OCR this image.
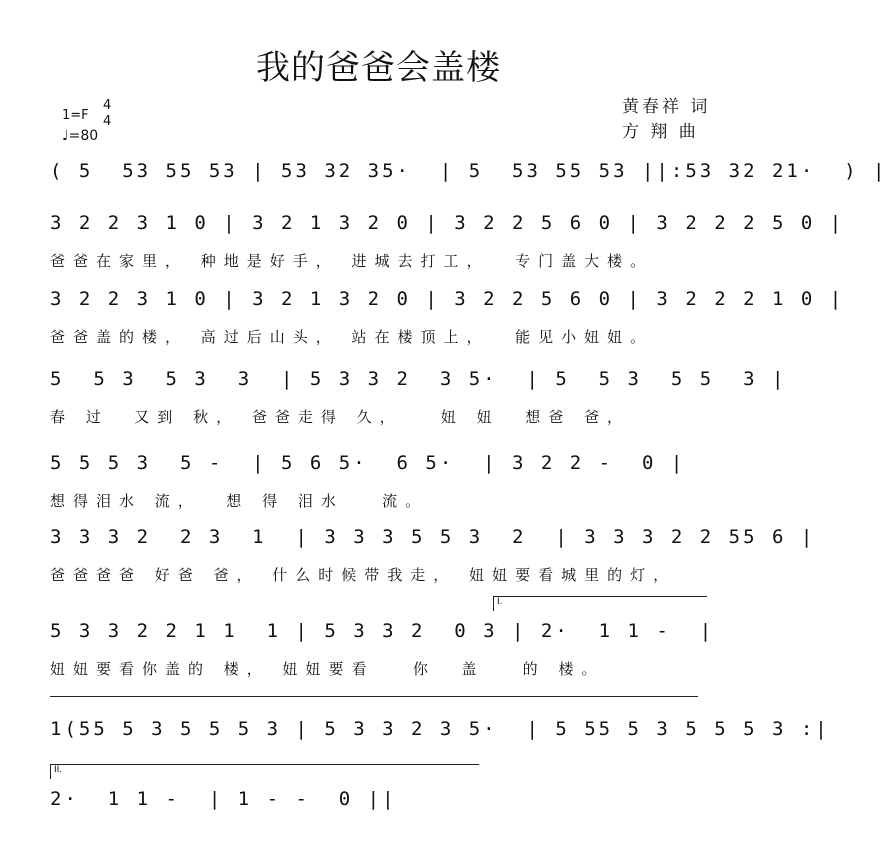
我的爸爸会盖楼
黄春祥 词
方 翔 曲
1=F
4
4
♩=80
( 5  53 55 53 | 53 32 35·  | 5  53 55 53 ||:53 32 21·  ) |
3 2 2 3 1 0 | 3 2 1 3 2 0 | 3 2 2 5 6 0 | 3 2 2 2 5 0 |
爸爸在家里， 种地是好手， 进城去打工，  专门盖大楼。
3 2 2 3 1 0 | 3 2 1 3 2 0 | 3 2 2 5 6 0 | 3 2 2 2 1 0 |
爸爸盖的楼， 高过后山头， 站在楼顶上，  能见小妞妞。
5  5 3  5 3  3  | 5 3 3 2  3 5·  | 5  5 3  5 5  3 |
春 过  又到 秋， 爸爸走得 久，   妞 妞  想爸 爸，
5 5 5 3  5 -  | 5 6 5·  6 5·  | 3 2 2 -  0 |
想得泪水 流，  想 得 泪水   流。
3 3 3 2  2 3  1  | 3 3 3 5 5 3  2  | 3 3 3 2 2 55 6 |
爸爸爸爸 好爸 爸， 什么时候带我走， 妞妞要看城里的灯，
I.
5 3 3 2 2 1 1  1 | 5 3 3 2  0 3 | 2·  1 1 -  |
妞妞要看你盖的 楼， 妞妞要看   你  盖   的 楼。
1(55 5 3 5 5 5 3 | 5 3 3 2 3 5·  | 5 55 5 3 5 5 5 3 :|
II.
2·  1 1 -  | 1 - -  0 ||
